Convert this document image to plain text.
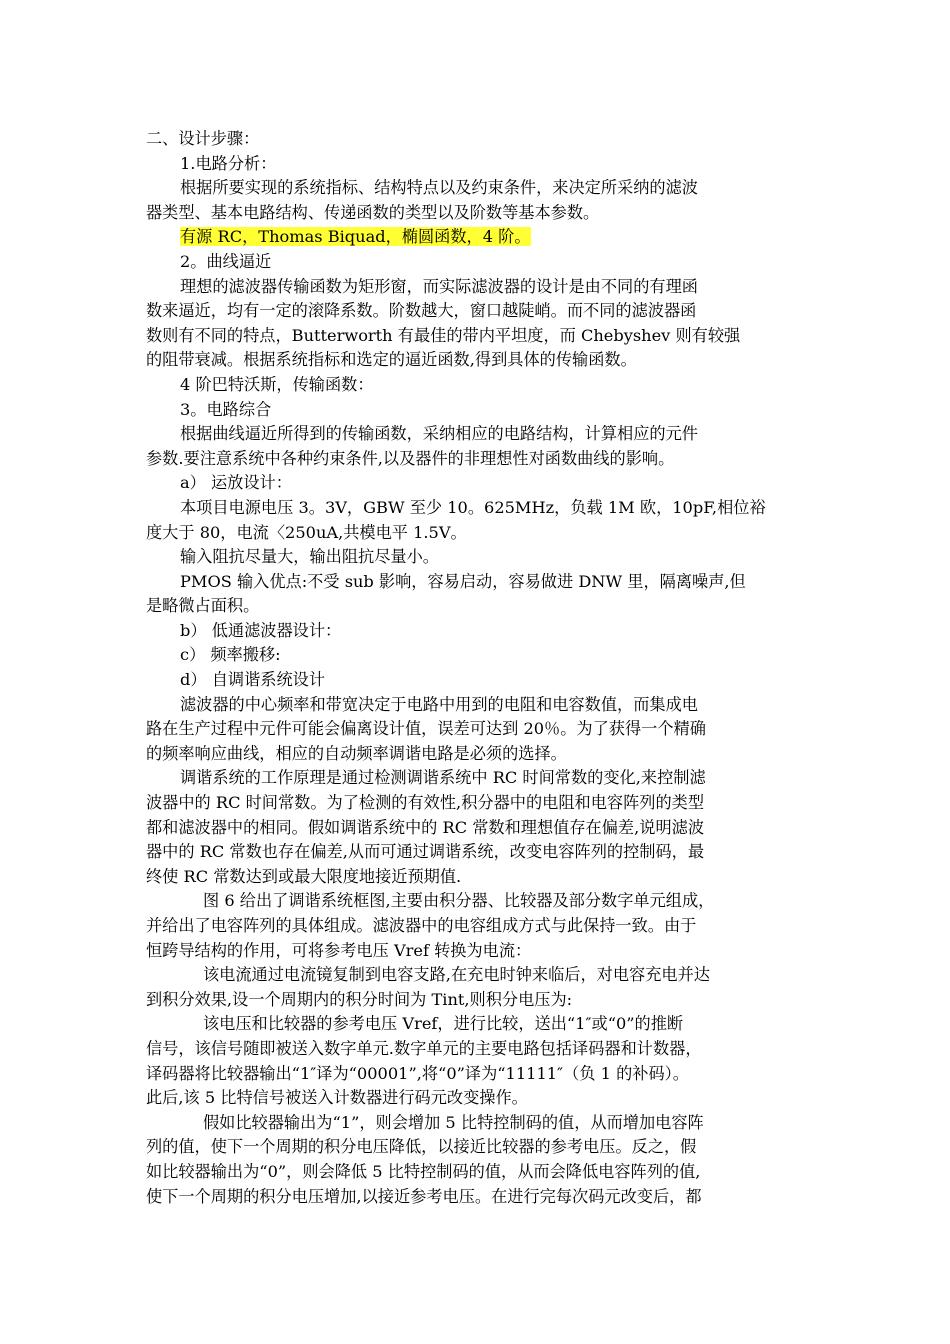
二、设计步骤：
1.电路分析：
根据所要实现的系统指标、结构特点以及约束条件，来决定所采纳的滤波
器类型、基本电路结构、传递函数的类型以及阶数等基本参数。
有源 RC，Thomas Biquad，椭圆函数，4 阶。
2。曲线逼近
理想的滤波器传输函数为矩形窗，而实际滤波器的设计是由不同的有理函
数来逼近，均有一定的滚降系数。阶数越大，窗口越陡峭。而不同的滤波器函
数则有不同的特点，Butterworth 有最佳的带内平坦度，而 Chebyshev 则有较强
的阻带衰减。根据系统指标和选定的逼近函数,得到具体的传输函数。
4 阶巴特沃斯，传输函数：
3。电路综合
根据曲线逼近所得到的传输函数，采纳相应的电路结构，计算相应的元件
参数.要注意系统中各种约束条件,以及器件的非理想性对函数曲线的影响。
a） 运放设计：
本项目电源电压 3。3V，GBW 至少 10。625MHz，负载 1M 欧，10pF,相位裕
度大于 80，电流〈250uA,共模电平 1.5V。
输入阻抗尽量大，输出阻抗尽量小。
PMOS 输入优点:不受 sub 影响，容易启动，容易做进 DNW 里，隔离噪声,但
是略微占面积。
b） 低通滤波器设计：
c） 频率搬移:
d） 自调谐系统设计
滤波器的中心频率和带宽决定于电路中用到的电阻和电容数值，而集成电
路在生产过程中元件可能会偏离设计值，误差可达到 20％。为了获得一个精确
的频率响应曲线，相应的自动频率调谐电路是必须的选择。
调谐系统的工作原理是通过检测调谐系统中 RC 时间常数的变化,来控制滤
波器中的 RC 时间常数。为了检测的有效性,积分器中的电阻和电容阵列的类型
都和滤波器中的相同。假如调谐系统中的 RC 常数和理想值存在偏差,说明滤波
器中的 RC 常数也存在偏差,从而可通过调谐系统，改变电容阵列的控制码，最
终使 RC 常数达到或最大限度地接近预期值.
图 6 给出了调谐系统框图,主要由积分器、比较器及部分数字单元组成，
并给出了电容阵列的具体组成。滤波器中的电容组成方式与此保持一致。由于
恒跨导结构的作用，可将参考电压 Vref 转换为电流：
该电流通过电流镜复制到电容支路,在充电时钟来临后，对电容充电并达
到积分效果,设一个周期内的积分时间为 Tint,则积分电压为:
该电压和比较器的参考电压 Vref，进行比较，送出“1″或“0”的推断
信号，该信号随即被送入数字单元.数字单元的主要电路包括译码器和计数器，
译码器将比较器输出“1″译为“00001”,将“0”译为“11111″（负 1 的补码）。
此后,该 5 比特信号被送入计数器进行码元改变操作。
假如比较器输出为“1”，则会增加 5 比特控制码的值，从而增加电容阵
列的值，使下一个周期的积分电压降低，以接近比较器的参考电压。反之，假
如比较器输出为“0”，则会降低 5 比特控制码的值，从而会降低电容阵列的值,
使下一个周期的积分电压增加,以接近参考电压。在进行完每次码元改变后，都
